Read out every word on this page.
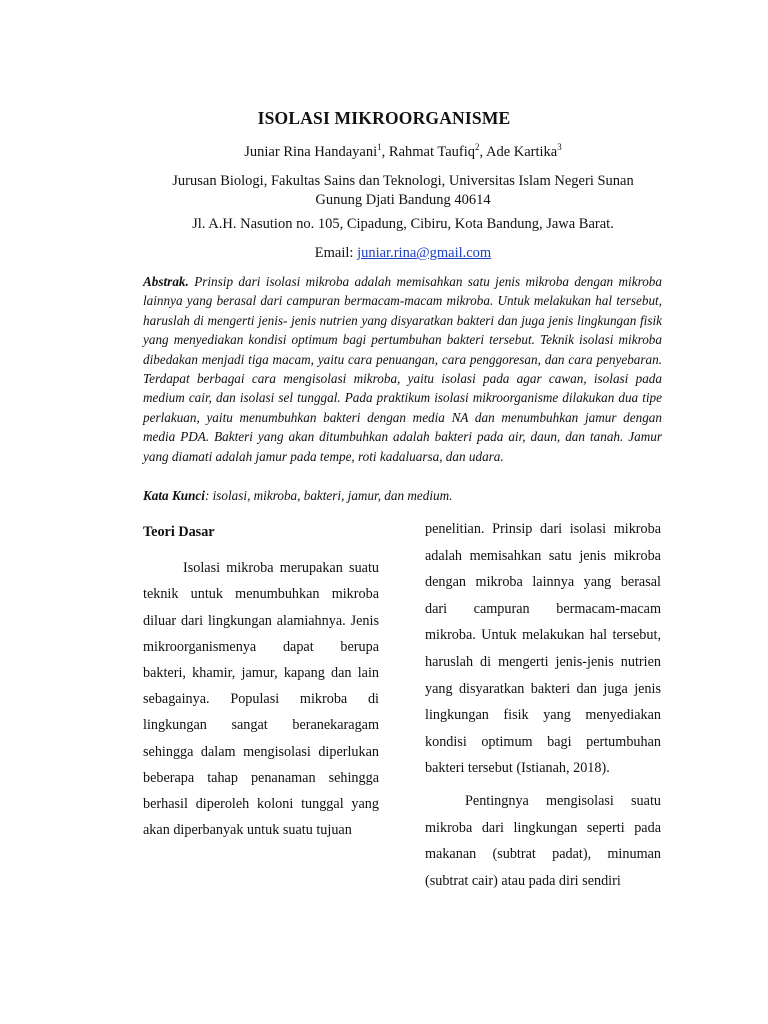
ISOLASI MIKROORGANISME
Juniar Rina Handayani$^1$, Rahmat Taufiq$^2$, Ade Kartika$^3$
Jurusan Biologi, Fakultas Sains dan Teknologi, Universitas Islam Negeri Sunan
Gunung Djati Bandung 40614
Jl. A.H. Nasution no. 105, Cipadung, Cibiru, Kota Bandung, Jawa Barat.
Email: juniar.rina@gmail.com
Abstrak. Prinsip dari isolasi mikroba adalah memisahkan satu jenis mikroba dengan mikroba lainnya yang berasal dari campuran bermacam-macam mikroba. Untuk melakukan hal tersebut, haruslah di mengerti jenis- jenis nutrien yang disyaratkan bakteri dan juga jenis lingkungan fisik yang menyediakan kondisi optimum bagi pertumbuhan bakteri tersebut. Teknik isolasi mikroba dibedakan menjadi tiga macam, yaitu cara penuangan, cara penggoresan, dan cara penyebaran. Terdapat berbagai cara mengisolasi mikroba, yaitu isolasi pada agar cawan, isolasi pada medium cair, dan isolasi sel tunggal. Pada praktikum isolasi mikroorganisme dilakukan dua tipe perlakuan, yaitu menumbuhkan bakteri dengan media NA dan menumbuhkan jamur dengan media PDA. Bakteri yang akan ditumbuhkan adalah bakteri pada air, daun, dan tanah. Jamur yang diamati adalah jamur pada tempe, roti kadaluarsa, dan udara.
Kata Kunci: isolasi, mikroba, bakteri, jamur, dan medium.
Teori Dasar

Isolasi mikroba merupakan suatu teknik untuk menumbuhkan mikroba diluar dari lingkungan alamiahnya. Jenis mikroorganismenya dapat berupa bakteri, khamir, jamur, kapang dan lain sebagainya. Populasi mikroba di lingkungan sangat beranekaragam sehingga dalam mengisolasi diperlukan beberapa tahap penanaman sehingga berhasil diperoleh koloni tunggal yang akan diperbanyak untuk suatu tujuan

penelitian. Prinsip dari isolasi mikroba adalah memisahkan satu jenis mikroba dengan mikroba lainnya yang berasal dari campuran bermacam-macam mikroba. Untuk melakukan hal tersebut, haruslah di mengerti jenis-jenis nutrien yang disyaratkan bakteri dan juga jenis lingkungan fisik yang menyediakan kondisi optimum bagi pertumbuhan bakteri tersebut (Istianah, 2018).

Pentingnya mengisolasi suatu mikroba dari lingkungan seperti pada makanan (subtrat padat), minuman (subtrat cair) atau pada diri sendiri
